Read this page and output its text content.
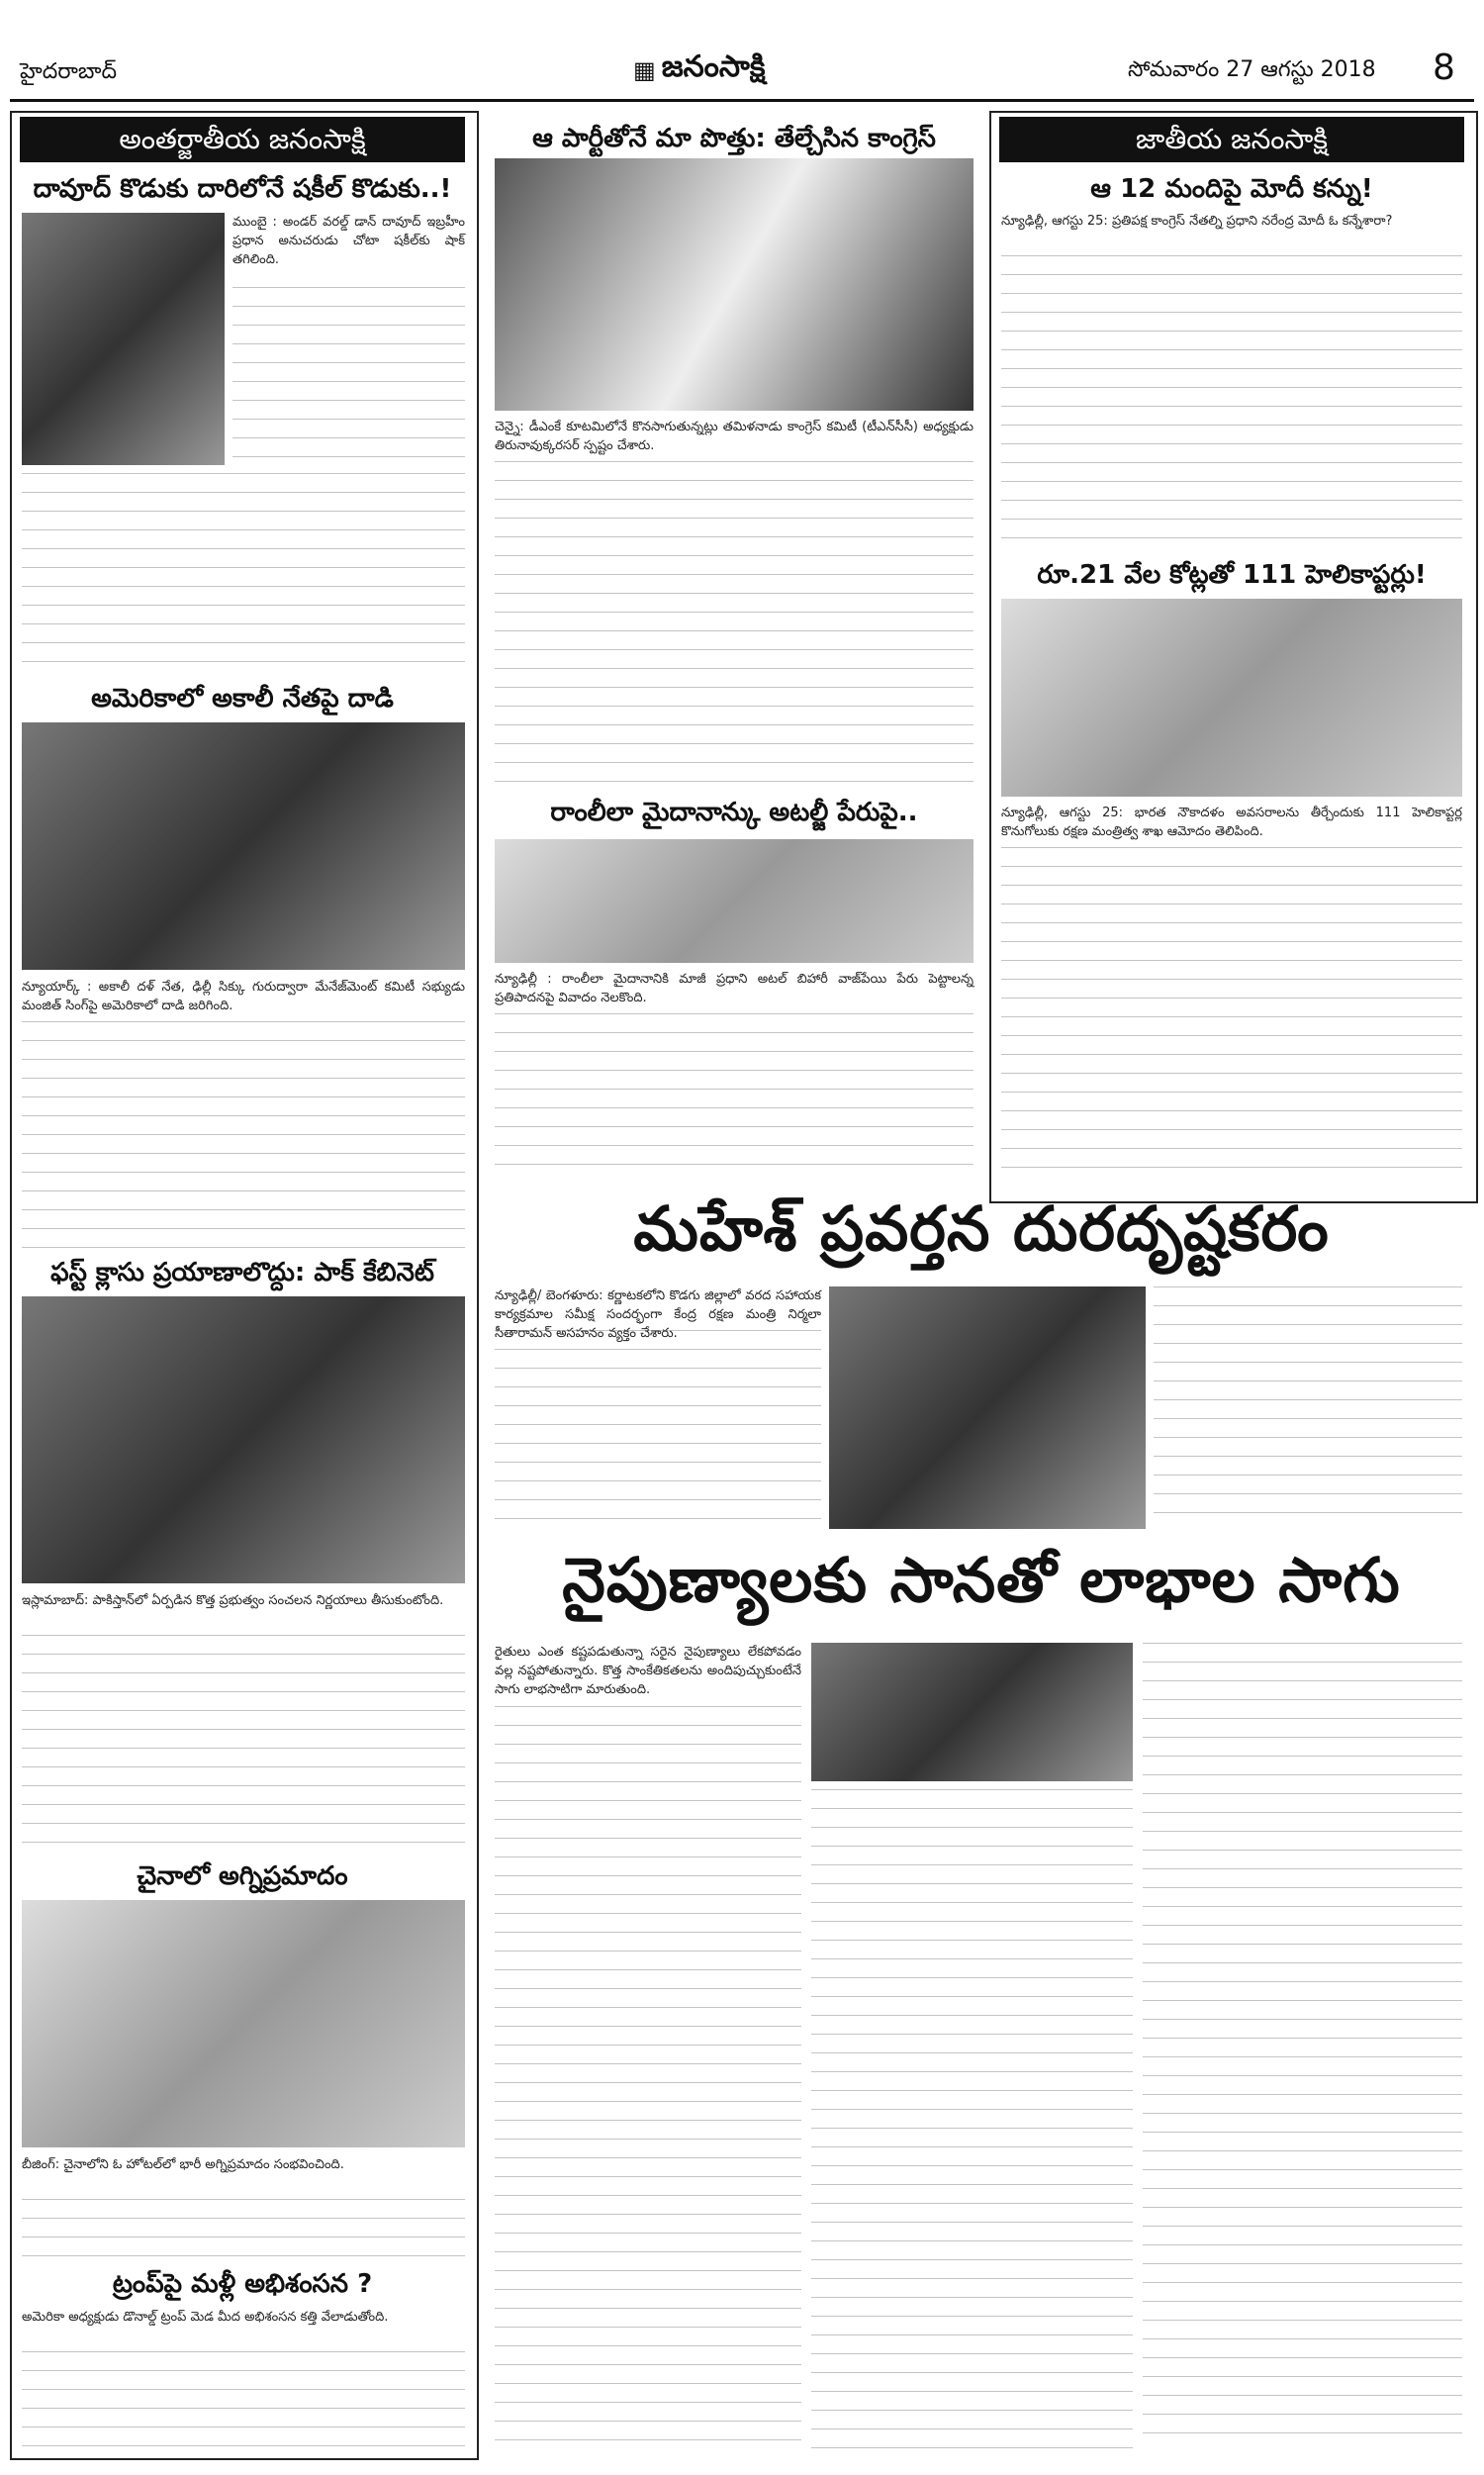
హైదరాబాద్	▦ జనంసాక్షి	సోమవారం 27 ఆగస్టు 2018 8
అంతర్జాతీయ జనంసాక్షి
దావూద్ కొడుకు దారిలోనే షకీల్ కొడుకు..!
ముంబై : అండర్ వరల్డ్ డాన్ దావూద్ ఇబ్రహీం ప్రధాన అనుచరుడు చోటా షకీల్‌కు షాక్ తగిలింది.
అమెరికాలో అకాలీ నేతపై దాడి
న్యూయార్క్ : అకాలీ దళ్ నేత, ఢిల్లీ సిక్కు గురుద్వారా మేనేజ్‌మెంట్ కమిటీ సభ్యుడు మంజిత్ సింగ్‌పై అమెరికాలో దాడి జరిగింది.
ఫస్ట్ క్లాసు ప్రయాణాలొద్దు: పాక్ కేబినెట్
ఇస్లామాబాద్: పాకిస్తాన్‌లో ఏర్పడిన కొత్త ప్రభుత్వం సంచలన నిర్ణయాలు తీసుకుంటోంది.
చైనాలో అగ్నిప్రమాదం
బీజింగ్: చైనాలోని ఓ హోటల్‌లో భారీ అగ్నిప్రమాదం సంభవించింది.
ట్రంప్‌పై మళ్లీ అభిశంసన ?
అమెరికా అధ్యక్షుడు డొనాల్డ్ ట్రంప్ మెడ మీద అభిశంసన కత్తి వేలాడుతోంది.
ఆ పార్టీతోనే మా పొత్తు: తేల్చేసిన కాంగ్రెస్
చెన్నై: డీఎంకే కూటమిలోనే కొనసాగుతున్నట్లు తమిళనాడు కాంగ్రెస్ కమిటీ (టీఎన్‌సీసీ) అధ్యక్షుడు తిరునావుక్కరసర్ స్పష్టం చేశారు.
రాంలీలా మైదానాన్కు అటల్జీ పేరుపై..
న్యూఢిల్లీ : రాంలీలా మైదానానికి మాజీ ప్రధాని అటల్ బిహారీ వాజ్‌పేయి పేరు పెట్టాలన్న ప్రతిపాదనపై వివాదం నెలకొంది.
జాతీయ జనంసాక్షి
ఆ 12 మందిపై మోదీ కన్ను!
న్యూఢిల్లీ, ఆగస్టు 25: ప్రతిపక్ష కాంగ్రెస్ నేతల్ని ప్రధాని నరేంద్ర మోదీ ఓ కన్నేశారా?
రూ.21 వేల కోట్లతో 111 హెలికాప్టర్లు!
న్యూఢిల్లీ, ఆగస్టు 25: భారత నౌకాదళం అవసరాలను తీర్చేందుకు 111 హెలికాప్టర్ల కొనుగోలుకు రక్షణ మంత్రిత్వ శాఖ ఆమోదం తెలిపింది.
మహేశ్ ప్రవర్తన దురదృష్టకరం
న్యూఢిల్లీ/ బెంగళూరు: కర్ణాటకలోని కొడగు జిల్లాలో వరద సహాయక కార్యక్రమాల సమీక్ష సందర్భంగా కేంద్ర రక్షణ మంత్రి నిర్మలా సీతారామన్ అసహనం వ్యక్తం చేశారు.
నైపుణ్యాలకు సానతో లాభాల సాగు
రైతులు ఎంత కష్టపడుతున్నా సరైన నైపుణ్యాలు లేకపోవడం వల్ల నష్టపోతున్నారు. కొత్త సాంకేతికతలను అందిపుచ్చుకుంటేనే సాగు లాభసాటిగా మారుతుంది.
